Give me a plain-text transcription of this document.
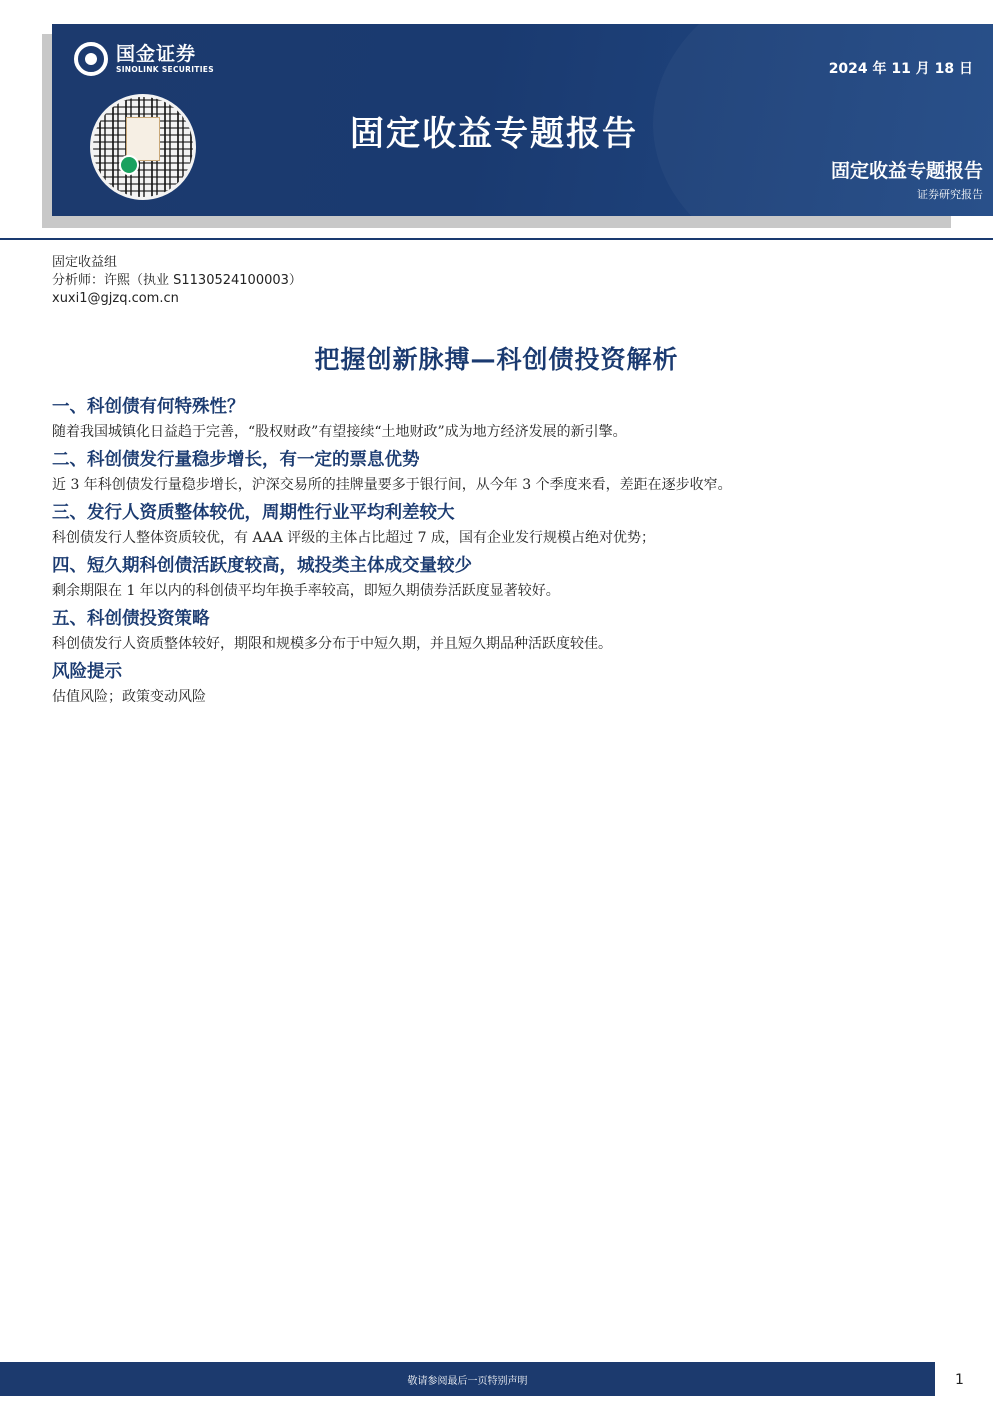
国金证券
SINOLINK SECURITIES	2024 年 11 月 18 日
固定收益专题报告
固定收益专题报告
证券研究报告
固定收益组
分析师：许熙（执业 S1130524100003）
xuxi1@gjzq.com.cn
把握创新脉搏—科创债投资解析
一、科创债有何特殊性？
随着我国城镇化日益趋于完善，“股权财政”有望接续“土地财政”成为地方经济发展的新引擎。
二、科创债发行量稳步增长，有一定的票息优势
近 3 年科创债发行量稳步增长，沪深交易所的挂牌量要多于银行间，从今年 3 个季度来看，差距在逐步收窄。
三、发行人资质整体较优，周期性行业平均利差较大
科创债发行人整体资质较优，有 AAA 评级的主体占比超过 7 成，国有企业发行规模占绝对优势；
四、短久期科创债活跃度较高，城投类主体成交量较少
剩余期限在 1 年以内的科创债平均年换手率较高，即短久期债券活跃度显著较好。
五、科创债投资策略
科创债发行人资质整体较好，期限和规模多分布于中短久期，并且短久期品种活跃度较佳。
风险提示
估值风险；政策变动风险
敬请参阅最后一页特别声明	1
